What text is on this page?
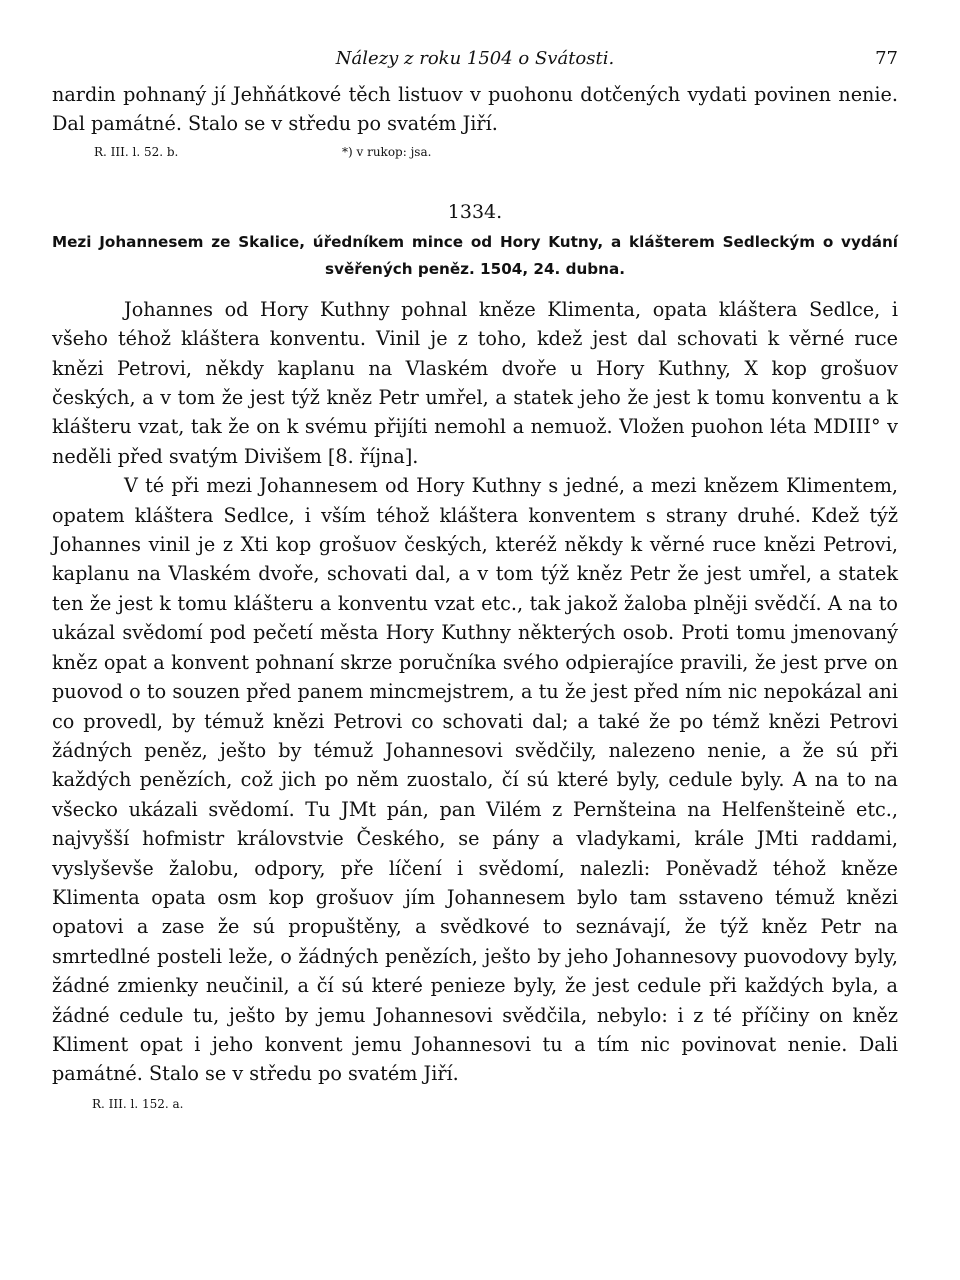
Nálezy z roku 1504 o Svátosti.	77

nardin pohnaný jí Jehňátkové těch listuov v puohonu dotčených vydati povinen nenie. Dal památné. Stalo se v středu po svatém Jiří.

R. III. l. 52. b.	*) v rukop: jsa.
1334.
Mezi Johannesem ze Skalice, úředníkem mince od Hory Kutny, a klášterem Sedleckým o vydání svěřených peněz. 1504, 24. dubna.

Johannes od Hory Kuthny pohnal kněze Klimenta, opata kláštera Sedlce, i všeho téhož kláštera konventu. Vinil je z toho, kdež jest dal schovati k věrné ruce knězi Petrovi, někdy kaplanu na Vlaském dvoře u Hory Kuthny, X kop grošuov českých, a v tom že jest týž kněz Petr umřel, a statek jeho že jest k tomu konventu a k klášteru vzat, tak že on k svému přijíti nemohl a nemuož. Vložen puohon léta MDIII° v neděli před svatým Divišem [8. října].

V té při mezi Johannesem od Hory Kuthny s jedné, a mezi knězem Klimentem, opatem kláštera Sedlce, i vším téhož kláštera konventem s strany druhé. Kdež týž Johannes vinil je z Xti kop grošuov českých, kteréž někdy k věrné ruce knězi Petrovi, kaplanu na Vlaském dvoře, schovati dal, a v tom týž kněz Petr že jest umřel, a statek ten že jest k tomu klášteru a konventu vzat etc., tak jakož žaloba plněji svědčí. A na to ukázal svědomí pod pečetí města Hory Kuthny některých osob. Proti tomu jmenovaný kněz opat a konvent pohnaní skrze poručníka svého odpierajíce pravili, že jest prve on puovod o to souzen před panem mincmejstrem, a tu že jest před ním nic nepokázal ani co provedl, by témuž knězi Petrovi co schovati dal; a také že po témž knězi Petrovi žádných peněz, ješto by témuž Johannesovi svědčily, nalezeno nenie, a že sú při každých penězích, což jich po něm zuostalo, čí sú které byly, cedule byly. A na to na všecko ukázali svědomí. Tu JMt pán, pan Vilém z Pernšteina na Helfenšteině etc., najvyšší hofmistr královstvie Českého, se pány a vladykami, krále JMti raddami, vyslyševše žalobu, odpory, pře líčení i svědomí, nalezli: Poněvadž téhož kněze Klimenta opata osm kop grošuov jím Johannesem bylo tam sstaveno témuž knězi opatovi a zase že sú propuštěny, a svědkové to seznávají, že týž kněz Petr na smrtedlné posteli leže, o žádných penězích, ješto by jeho Johannesovy puovodovy byly, žádné zmienky neučinil, a čí sú které penieze byly, že jest cedule při každých byla, a žádné cedule tu, ješto by jemu Johannesovi svědčila, nebylo: i z té příčiny on kněz Kliment opat i jeho konvent jemu Johannesovi tu a tím nic povinovat nenie. Dali památné. Stalo se v středu po svatém Jiří.

R. III. l. 152. a.
